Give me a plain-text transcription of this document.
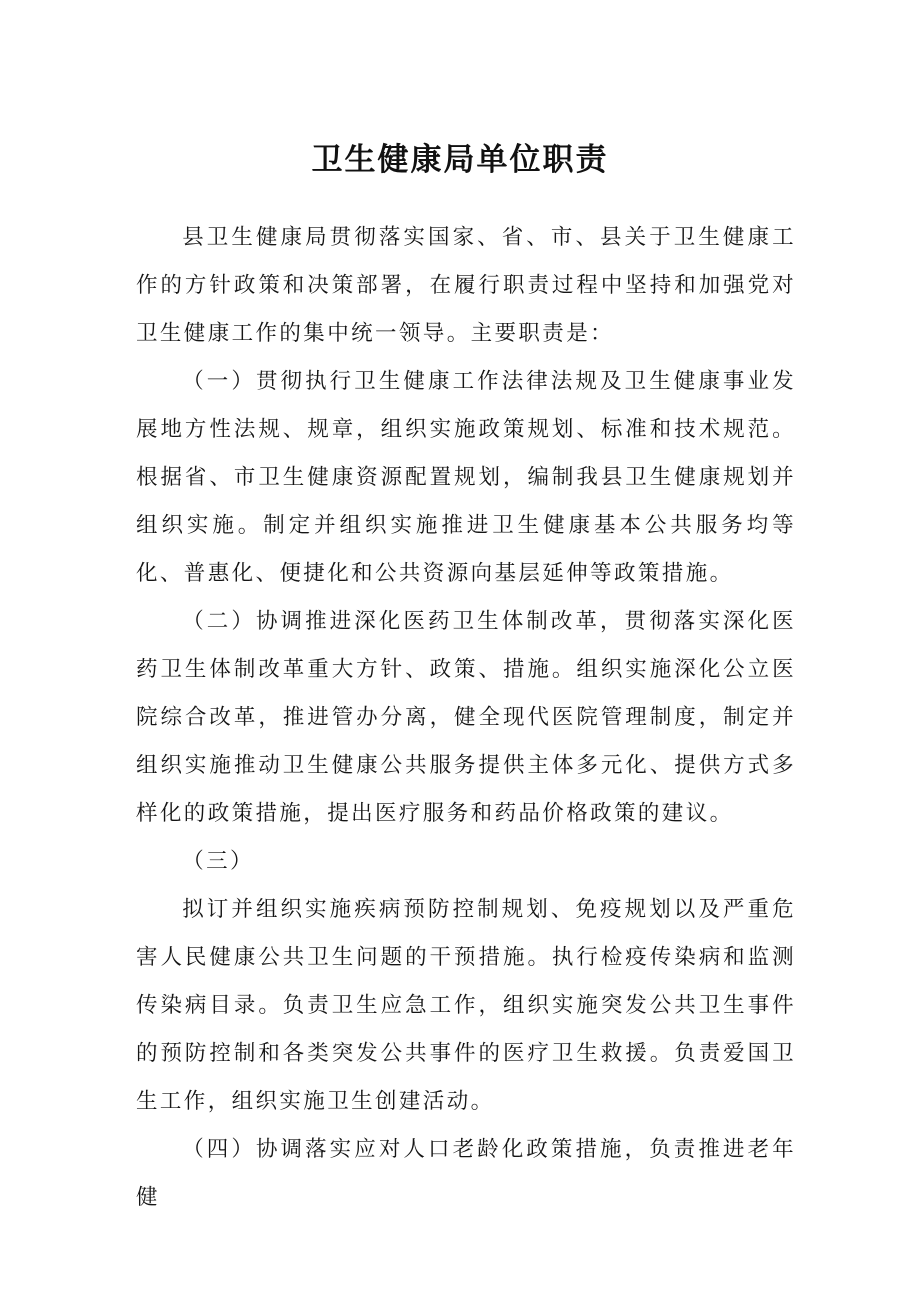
卫生健康局单位职责

县卫生健康局贯彻落实国家、省、市、县关于卫生健康工作的方针政策和决策部署，在履行职责过程中坚持和加强党对卫生健康工作的集中统一领导。主要职责是：

（一）贯彻执行卫生健康工作法律法规及卫生健康事业发展地方性法规、规章，组织实施政策规划、标准和技术规范。根据省、市卫生健康资源配置规划，编制我县卫生健康规划并组织实施。制定并组织实施推进卫生健康基本公共服务均等化、普惠化、便捷化和公共资源向基层延伸等政策措施。

（二）协调推进深化医药卫生体制改革，贯彻落实深化医药卫生体制改革重大方针、政策、措施。组织实施深化公立医院综合改革，推进管办分离，健全现代医院管理制度，制定并组织实施推动卫生健康公共服务提供主体多元化、提供方式多样化的政策措施，提出医疗服务和药品价格政策的建议。

（三）

拟订并组织实施疾病预防控制规划、免疫规划以及严重危害人民健康公共卫生问题的干预措施。执行检疫传染病和监测传染病目录。负责卫生应急工作，组织实施突发公共卫生事件的预防控制和各类突发公共事件的医疗卫生救援。负责爱国卫生工作，组织实施卫生创建活动。

（四）协调落实应对人口老龄化政策措施，负责推进老年健
